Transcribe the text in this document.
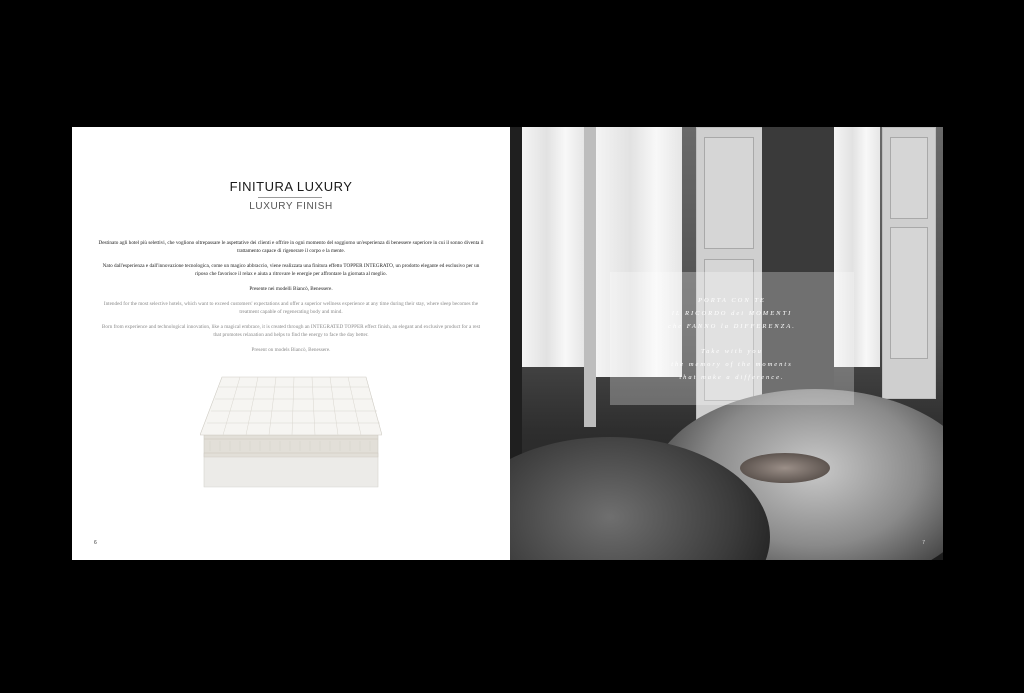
FINITURA LUXURY
LUXURY FINISH

Destinato agli hotel più selettivi, che vogliono oltrepassare le aspettative dei clienti e offrire in ogni momento del soggiorno un'esperienza di benessere superiore in cui il sonno diventa il trattamento capace di rigenerare il corpo e la mente.

Nato dall'esperienza e dall'innovazione tecnologica, come un magico abbraccio, viene realizzata una finitura effetto TOPPER INTEGRATO, un prodotto elegante ed esclusivo per un riposo che favorisce il relax e aiuta a ritrovare le energie per affrontare la giornata al meglio.

Presente nei modelli Biancò, Benessere.

Intended for the most selective hotels, which want to exceed customers' expectations and offer a superior wellness experience at any time during their stay, where sleep becomes the treatment capable of regenerating body and mind.

Born from experience and technological innovation, like a magical embrace, it is created through an INTEGRATED TOPPER effect finish, an elegant and exclusive product for a rest that promotes relaxation and helps to find the energy to face the day better.

Present on models Biancò, Benessere.

6
PORTA CON TE
IL RICORDO dei MOMENTI
che FANNO la DIFFERENZA.
Take with you
the memory of the moments
that make a difference.
7
